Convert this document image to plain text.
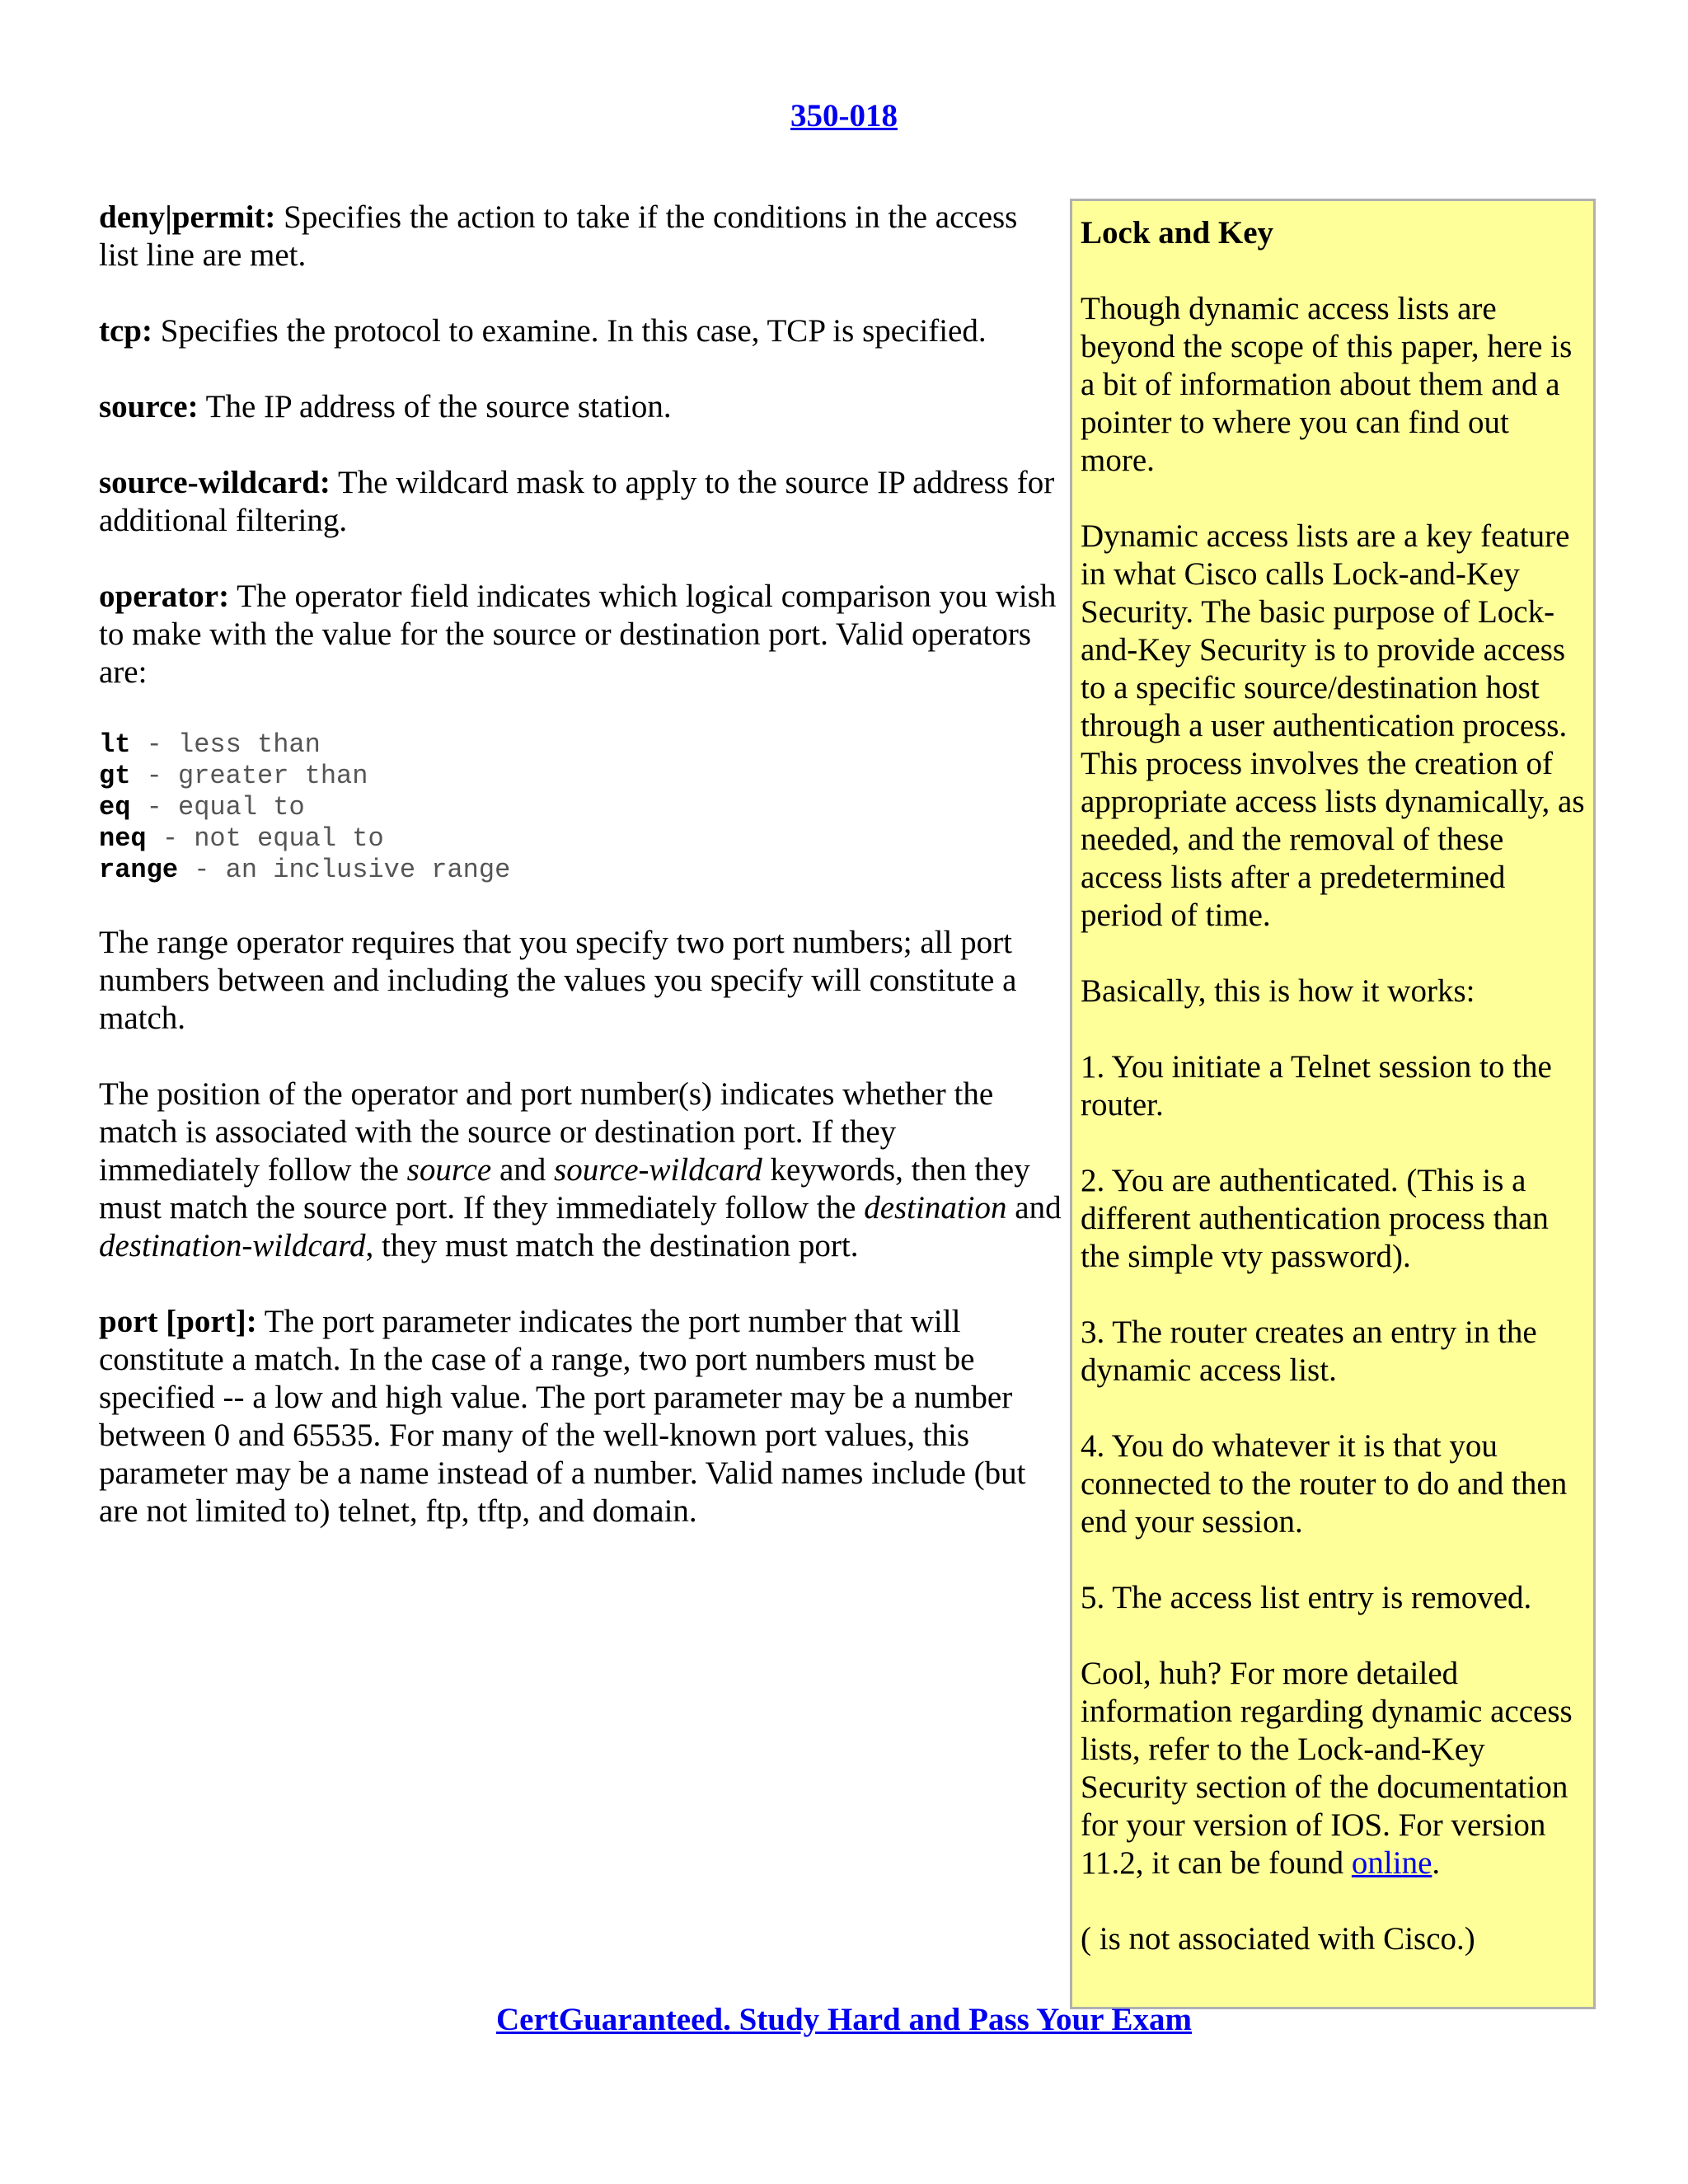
350-018

deny|permit: Specifies the action to take if the conditions in the access list line are met.

tcp: Specifies the protocol to examine. In this case, TCP is specified.

source: The IP address of the source station.

source-wildcard: The wildcard mask to apply to the source IP address for additional filtering.

operator: The operator field indicates which logical comparison you wish to make with the value for the source or destination port. Valid operators are:

lt - less than
gt - greater than
eq - equal to
neq - not equal to
range - an inclusive range

The range operator requires that you specify two port numbers; all port numbers between and including the values you specify will constitute a match.

The position of the operator and port number(s) indicates whether the match is associated with the source or destination port. If they immediately follow the source and source-wildcard keywords, then they must match the source port. If they immediately follow the destination and destination-wildcard, they must match the destination port.

port [port]: The port parameter indicates the port number that will constitute a match. In the case of a range, two port numbers must be specified -- a low and high value. The port parameter may be a number between 0 and 65535. For many of the well-known port values, this parameter may be a name instead of a number. Valid names include (but are not limited to) telnet, ftp, tftp, and domain.

Lock and Key

Though dynamic access lists are beyond the scope of this paper, here is a bit of information about them and a pointer to where you can find out more.

Dynamic access lists are a key feature in what Cisco calls Lock-and-Key Security. The basic purpose of Lock-and-Key Security is to provide access to a specific source/destination host through a user authentication process. This process involves the creation of appropriate access lists dynamically, as needed, and the removal of these access lists after a predetermined period of time.

Basically, this is how it works:

1. You initiate a Telnet session to the router.

2. You are authenticated. (This is a different authentication process than the simple vty password).

3. The router creates an entry in the dynamic access list.

4. You do whatever it is that you connected to the router to do and then end your session.

5. The access list entry is removed.

Cool, huh? For more detailed information regarding dynamic access lists, refer to the Lock-and-Key Security section of the documentation for your version of IOS. For version 11.2, it can be found online.

( is not associated with Cisco.)

CertGuaranteed. Study Hard and Pass Your Exam
